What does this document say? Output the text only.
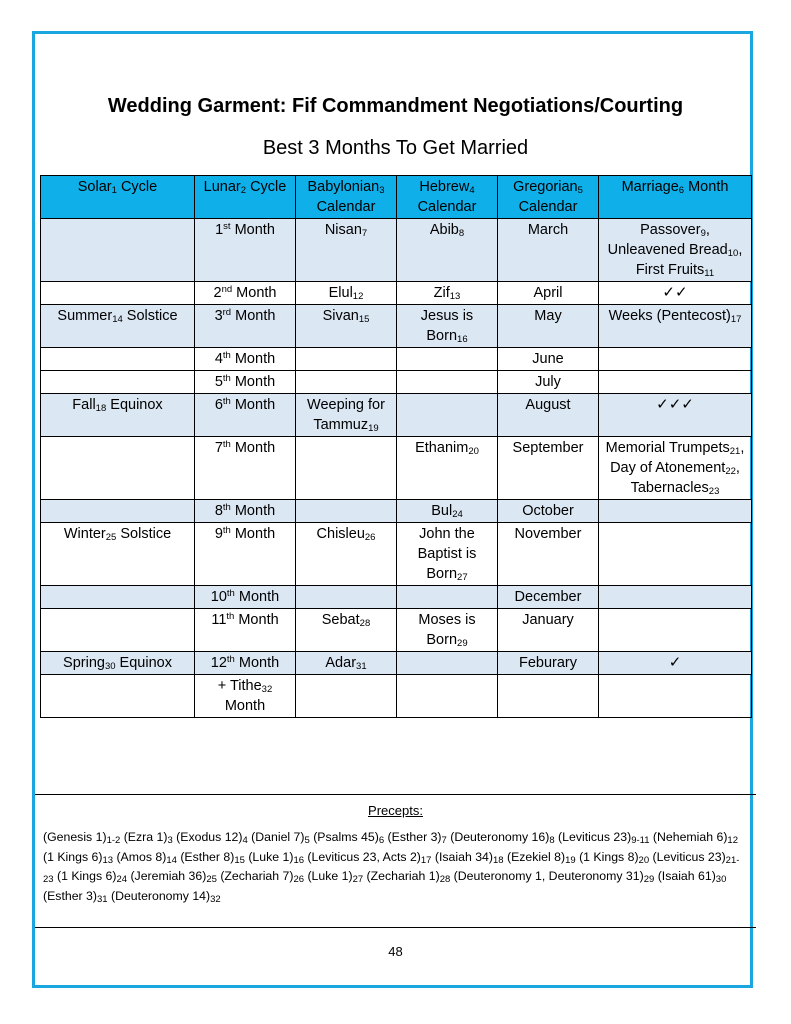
Wedding Garment: Fif Commandment Negotiations/Courting
Best 3 Months To Get Married
Solar$_1$ Cycle	Lunar$_2$ Cycle	Babylonian$_3$ Calendar	Hebrew$_4$ Calendar	Gregorian$_5$ Calendar	Marriage$_6$ Month
	1st Month	Nisan$_7$	Abib$_8$	March	Passover$_9$, Unleavened Bread$_{10}$, First Fruits$_{11}$
	2nd Month	Elul$_{12}$	Zif$_{13}$	April	✓✓
Summer$_{14}$ Solstice	3rd Month	Sivan$_{15}$	Jesus is Born$_{16}$	May	Weeks $(Pentecost)_{17}$
	4th Month			June	
	5th Month			July	
Fall$_{18}$ Equinox	6th Month	Weeping for Tammuz$_{19}$		August	✓✓✓
	7th Month		Ethanim$_{20}$	September	Memorial Trumpets$_{21}$, Day of Atonement$_{22}$, Tabernacles$_{23}$
	8th Month		Bul$_{24}$	October	
Winter$_{25}$ Solstice	9th Month	Chisleu$_{26}$	John the Baptist is Born$_{27}$	November	
	10th Month			December	
	11th Month	Sebat$_{28}$	Moses is Born$_{29}$	January	
Spring$_{30}$ Equinox	12th Month	Adar$_{31}$		Feburary	✓
	+ Tithe$_{32}$ Month				
Precepts:
(Genesis $1)_{1-2}$ (Ezra $1)_3$ (Exodus $12)_4$ (Daniel $7)_5$ (Psalms $45)_6$ (Esther $3)_7$ (Deuteronomy $16)_8$ (Leviticus $23)_{9-11}$ (Nehemiah $6)_{12}$ (1 Kings $6)_{13}$ (Amos $8)_{14}$ (Esther $8)_{15}$ (Luke $1)_{16}$ (Leviticus 23, Acts $2)_{17}$ (Isaiah $34)_{18}$ (Ezekiel $8)_{19}$ (1 Kings $8)_{20}$ (Leviticus $23)_{21-23}$ (1 Kings $6)_{24}$ (Jeremiah $36)_{25}$ (Zechariah $7)_{26}$ (Luke $1)_{27}$ (Zechariah $1)_{28}$ (Deuteronomy 1, Deuteronomy $31)_{29}$ (Isaiah $61)_{30}$ (Esther $3)_{31}$ (Deuteronomy $14)_{32}$
48
